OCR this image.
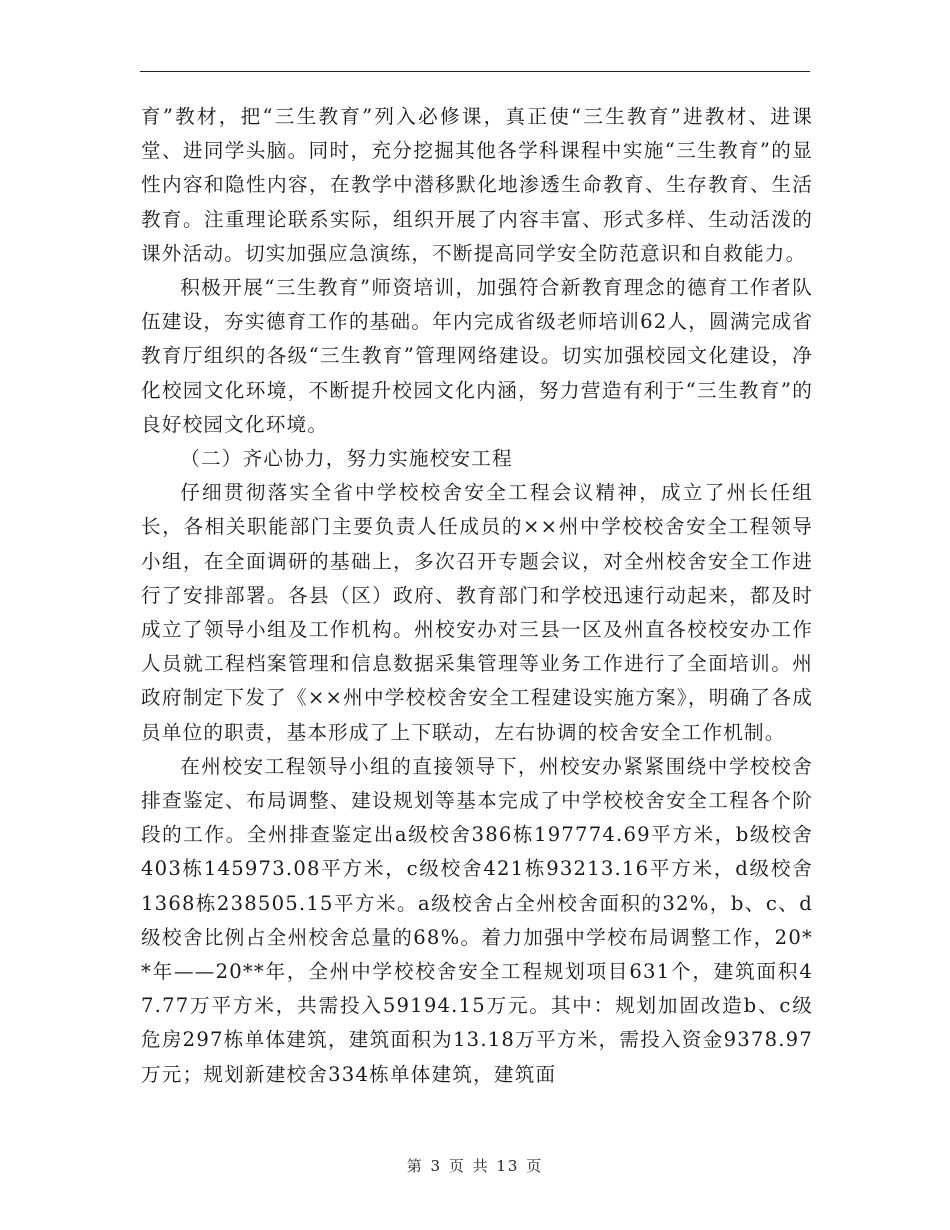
育”教材，把“三生教育”列入必修课，真正使“三生教育”进教材、进课堂、进同学头脑。同时，充分挖掘其他各学科课程中实施“三生教育”的显性内容和隐性内容，在教学中潜移默化地渗透生命教育、生存教育、生活教育。注重理论联系实际，组织开展了内容丰富、形式多样、生动活泼的课外活动。切实加强应急演练，不断提高同学安全防范意识和自救能力。

积极开展“三生教育”师资培训，加强符合新教育理念的德育工作者队伍建设，夯实德育工作的基础。年内完成省级老师培训62人，圆满完成省教育厅组织的各级“三生教育”管理网络建设。切实加强校园文化建设，净化校园文化环境，不断提升校园文化内涵，努力营造有利于“三生教育”的良好校园文化环境。

（二）齐心协力，努力实施校安工程

仔细贯彻落实全省中学校校舍安全工程会议精神，成立了州长任组长，各相关职能部门主要负责人任成员的××州中学校校舍安全工程领导小组，在全面调研的基础上，多次召开专题会议，对全州校舍安全工作进行了安排部署。各县（区）政府、教育部门和学校迅速行动起来，都及时成立了领导小组及工作机构。州校安办对三县一区及州直各校校安办工作人员就工程档案管理和信息数据采集管理等业务工作进行了全面培训。州政府制定下发了《××州中学校校舍安全工程建设实施方案》，明确了各成员单位的职责，基本形成了上下联动，左右协调的校舍安全工作机制。

在州校安工程领导小组的直接领导下，州校安办紧紧围绕中学校校舍排查鉴定、布局调整、建设规划等基本完成了中学校校舍安全工程各个阶段的工作。全州排查鉴定出a级校舍386栋197774.69平方米，b级校舍403栋145973.08平方米，c级校舍421栋93213.16平方米，d级校舍1368栋238505.15平方米。a级校舍占全州校舍面积的32%，b、c、d级校舍比例占全州校舍总量的68%。着力加强中学校布局调整工作，20**年——20**年，全州中学校校舍安全工程规划项目631个，建筑面积47.77万平方米，共需投入59194.15万元。其中：规划加固改造b、c级危房297栋单体建筑，建筑面积为13.18万平方米，需投入资金9378.97万元；规划新建校舍334栋单体建筑，建筑面

第 3 页 共 13 页
